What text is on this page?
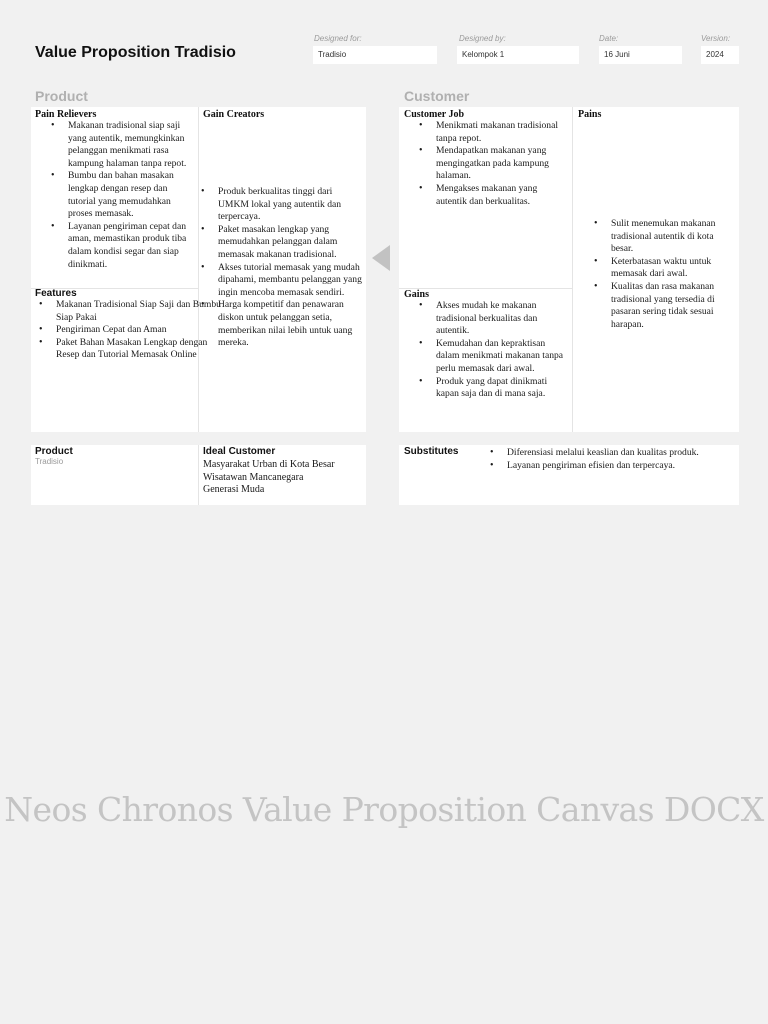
Value Proposition Tradisio
Designed for:
Tradisio
Designed by:
Kelompok 1
Date:
16 Juni
Version:
2024
Product	Customer
Pain Relievers
• Makanan tradisional siap saji yang autentik, memungkinkan pelanggan menikmati rasa kampung halaman tanpa repot.
• Bumbu dan bahan masakan lengkap dengan resep dan tutorial yang memudahkan proses memasak.
• Layanan pengiriman cepat dan aman, memastikan produk tiba dalam kondisi segar dan siap dinikmati.
Gain Creators
• Produk berkualitas tinggi dari UMKM lokal yang autentik dan terpercaya.
• Paket masakan lengkap yang memudahkan pelanggan dalam memasak makanan tradisional.
• Akses tutorial memasak yang mudah dipahami, membantu pelanggan yang ingin mencoba memasak sendiri.
• Harga kompetitif dan penawaran diskon untuk pelanggan setia, memberikan nilai lebih untuk uang mereka.
Features
• Makanan Tradisional Siap Saji dan Bumbu Siap Pakai
• Pengiriman Cepat dan Aman
• Paket Bahan Masakan Lengkap dengan Resep dan Tutorial Memasak Online
Customer Job
• Menikmati makanan tradisional tanpa repot.
• Mendapatkan makanan yang mengingatkan pada kampung halaman.
• Mengakses makanan yang autentik dan berkualitas.
Pains
• Sulit menemukan makanan tradisional autentik di kota besar.
• Keterbatasan waktu untuk memasak dari awal.
• Kualitas dan rasa makanan tradisional yang tersedia di pasaran sering tidak sesuai harapan.
Gains
• Akses mudah ke makanan tradisional berkualitas dan autentik.
• Kemudahan dan kepraktisan dalam menikmati makanan tanpa perlu memasak dari awal.
• Produk yang dapat dinikmati kapan saja dan di mana saja.
Product
Tradisio
Ideal Customer
Masyarakat Urban di Kota Besar
Wisatawan Mancanegara
Generasi Muda
Substitutes
•	Diferensiasi melalui keaslian dan kualitas produk.
• Layanan pengiriman efisien dan terpercaya.
Neos Chronos Value Proposition Canvas DOCX
